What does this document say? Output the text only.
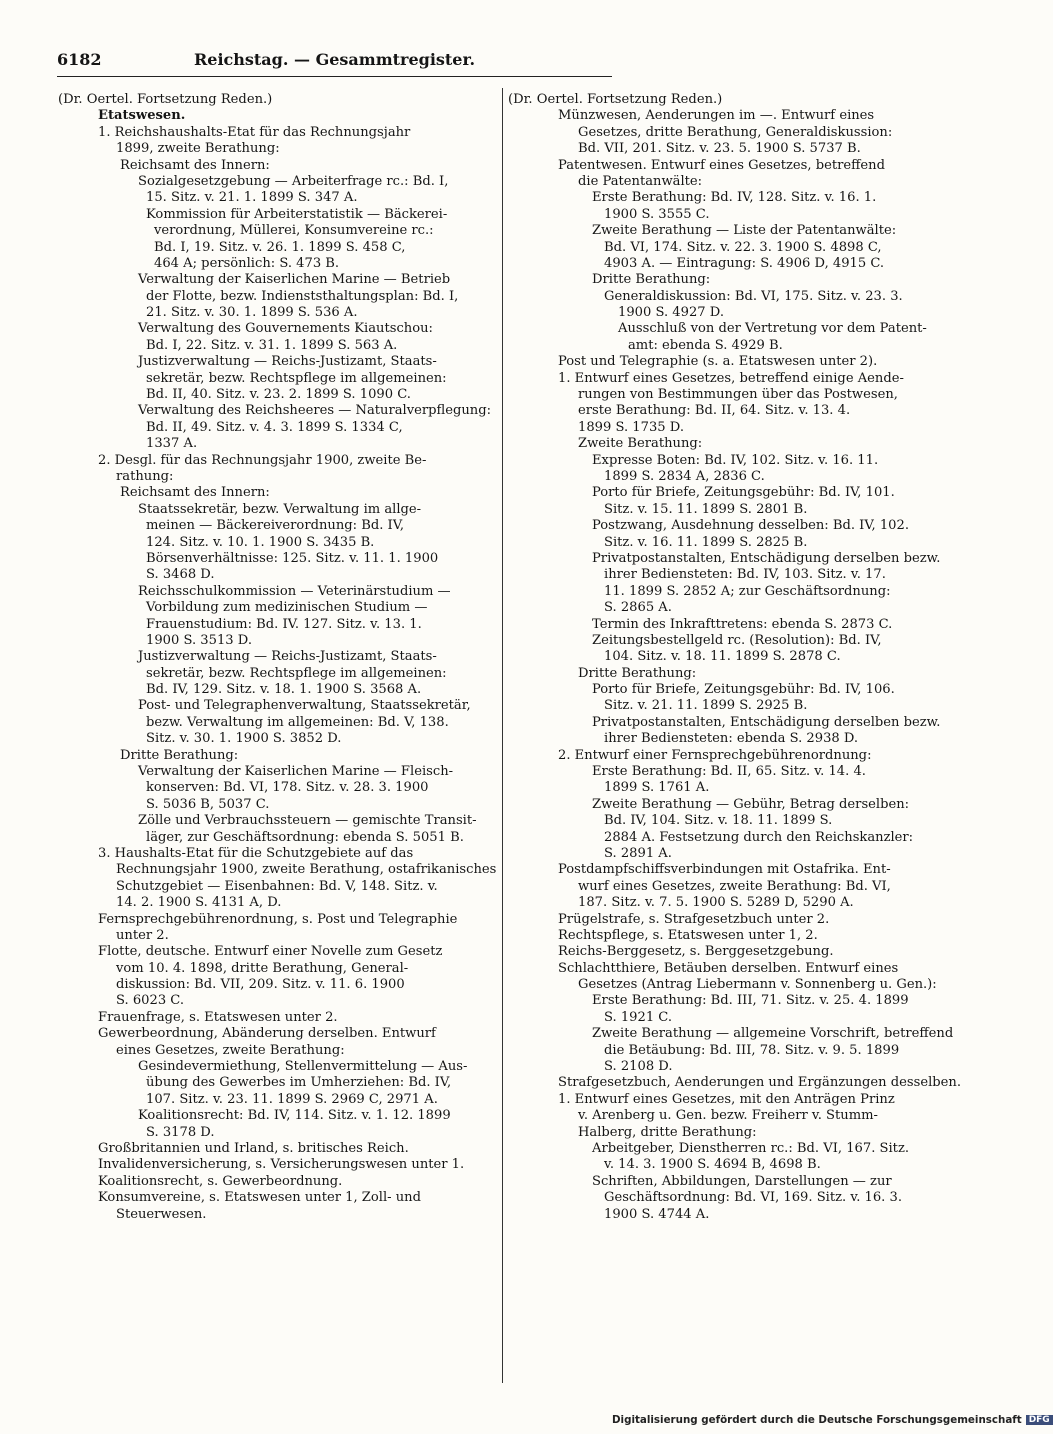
6182	Reichstag. — Gesammtregister.
(Dr. Oertel. Fortsetzung Reden.)
Etatswesen.
1. Reichshaushalts-Etat für das Rechnungsjahr
1899, zweite Berathung:
Reichsamt des Innern:
Sozialgesetzgebung — Arbeiterfrage rc.: Bd. I,
15. Sitz. v. 21. 1. 1899 S. 347 A.
Kommission für Arbeiterstatistik — Bäckerei-
verordnung, Müllerei, Konsumvereine rc.:
Bd. I, 19. Sitz. v. 26. 1. 1899 S. 458 C,
464 A; persönlich: S. 473 B.
Verwaltung der Kaiserlichen Marine — Betrieb
der Flotte, bezw. Indienststhaltungsplan: Bd. I,
21. Sitz. v. 30. 1. 1899 S. 536 A.
Verwaltung des Gouvernements Kiautschou:
Bd. I, 22. Sitz. v. 31. 1. 1899 S. 563 A.
Justizverwaltung — Reichs-Justizamt, Staats-
sekretär, bezw. Rechtspflege im allgemeinen:
Bd. II, 40. Sitz. v. 23. 2. 1899 S. 1090 C.
Verwaltung des Reichsheeres — Naturalverpflegung:
Bd. II, 49. Sitz. v. 4. 3. 1899 S. 1334 C,
1337 A.
2. Desgl. für das Rechnungsjahr 1900, zweite Be-
rathung:
Reichsamt des Innern:
Staatssekretär, bezw. Verwaltung im allge-
meinen — Bäckereiverordnung: Bd. IV,
124. Sitz. v. 10. 1. 1900 S. 3435 B.
Börsenverhältnisse: 125. Sitz. v. 11. 1. 1900
S. 3468 D.
Reichsschulkommission — Veterinärstudium —
Vorbildung zum medizinischen Studium —
Frauenstudium: Bd. IV. 127. Sitz. v. 13. 1.
1900 S. 3513 D.
Justizverwaltung — Reichs-Justizamt, Staats-
sekretär, bezw. Rechtspflege im allgemeinen:
Bd. IV, 129. Sitz. v. 18. 1. 1900 S. 3568 A.
Post- und Telegraphenverwaltung, Staatssekretär,
bezw. Verwaltung im allgemeinen: Bd. V, 138.
Sitz. v. 30. 1. 1900 S. 3852 D.
Dritte Berathung:
Verwaltung der Kaiserlichen Marine — Fleisch-
konserven: Bd. VI, 178. Sitz. v. 28. 3. 1900
S. 5036 B, 5037 C.
Zölle und Verbrauchssteuern — gemischte Transit-
läger, zur Geschäftsordnung: ebenda S. 5051 B.
3. Haushalts-Etat für die Schutzgebiete auf das
Rechnungsjahr 1900, zweite Berathung, ostafrikanisches
Schutzgebiet — Eisenbahnen: Bd. V, 148. Sitz. v.
14. 2. 1900 S. 4131 A, D.
Fernsprechgebührenordnung, s. Post und Telegraphie
unter 2.
Flotte, deutsche. Entwurf einer Novelle zum Gesetz
vom 10. 4. 1898, dritte Berathung, General-
diskussion: Bd. VII, 209. Sitz. v. 11. 6. 1900
S. 6023 C.
Frauenfrage, s. Etatswesen unter 2.
Gewerbeordnung, Abänderung derselben. Entwurf
eines Gesetzes, zweite Berathung:
Gesindevermiethung, Stellenvermittelung — Aus-
übung des Gewerbes im Umherziehen: Bd. IV,
107. Sitz. v. 23. 11. 1899 S. 2969 C, 2971 A.
Koalitionsrecht: Bd. IV, 114. Sitz. v. 1. 12. 1899
S. 3178 D.
Großbritannien und Irland, s. britisches Reich.
Invalidenversicherung, s. Versicherungswesen unter 1.
Koalitionsrecht, s. Gewerbeordnung.
Konsumvereine, s. Etatswesen unter 1, Zoll- und
Steuerwesen.
(Dr. Oertel. Fortsetzung Reden.)
Münzwesen, Aenderungen im —. Entwurf eines
Gesetzes, dritte Berathung, Generaldiskussion:
Bd. VII, 201. Sitz. v. 23. 5. 1900 S. 5737 B.
Patentwesen. Entwurf eines Gesetzes, betreffend
die Patentanwälte:
Erste Berathung: Bd. IV, 128. Sitz. v. 16. 1.
1900 S. 3555 C.
Zweite Berathung — Liste der Patentanwälte:
Bd. VI, 174. Sitz. v. 22. 3. 1900 S. 4898 C,
4903 A. — Eintragung: S. 4906 D, 4915 C.
Dritte Berathung:
Generaldiskussion: Bd. VI, 175. Sitz. v. 23. 3.
1900 S. 4927 D.
Ausschluß von der Vertretung vor dem Patent-
amt: ebenda S. 4929 B.
Post und Telegraphie (s. a. Etatswesen unter 2).
1. Entwurf eines Gesetzes, betreffend einige Aende-
rungen von Bestimmungen über das Postwesen,
erste Berathung: Bd. II, 64. Sitz. v. 13. 4.
1899 S. 1735 D.
Zweite Berathung:
Expresse Boten: Bd. IV, 102. Sitz. v. 16. 11.
1899 S. 2834 A, 2836 C.
Porto für Briefe, Zeitungsgebühr: Bd. IV, 101.
Sitz. v. 15. 11. 1899 S. 2801 B.
Postzwang, Ausdehnung desselben: Bd. IV, 102.
Sitz. v. 16. 11. 1899 S. 2825 B.
Privatpostanstalten, Entschädigung derselben bezw.
ihrer Bediensteten: Bd. IV, 103. Sitz. v. 17.
11. 1899 S. 2852 A; zur Geschäftsordnung:
S. 2865 A.
Termin des Inkrafttretens: ebenda S. 2873 C.
Zeitungsbestellgeld rc. (Resolution): Bd. IV,
104. Sitz. v. 18. 11. 1899 S. 2878 C.
Dritte Berathung:
Porto für Briefe, Zeitungsgebühr: Bd. IV, 106.
Sitz. v. 21. 11. 1899 S. 2925 B.
Privatpostanstalten, Entschädigung derselben bezw.
ihrer Bediensteten: ebenda S. 2938 D.
2. Entwurf einer Fernsprechgebührenordnung:
Erste Berathung: Bd. II, 65. Sitz. v. 14. 4.
1899 S. 1761 A.
Zweite Berathung — Gebühr, Betrag derselben:
Bd. IV, 104. Sitz. v. 18. 11. 1899 S.
2884 A. Festsetzung durch den Reichskanzler:
S. 2891 A.
Postdampfschiffsverbindungen mit Ostafrika. Ent-
wurf eines Gesetzes, zweite Berathung: Bd. VI,
187. Sitz. v. 7. 5. 1900 S. 5289 D, 5290 A.
Prügelstrafe, s. Strafgesetzbuch unter 2.
Rechtspflege, s. Etatswesen unter 1, 2.
Reichs-Berggesetz, s. Berggesetzgebung.
Schlachtthiere, Betäuben derselben. Entwurf eines
Gesetzes (Antrag Liebermann v. Sonnenberg u. Gen.):
Erste Berathung: Bd. III, 71. Sitz. v. 25. 4. 1899
S. 1921 C.
Zweite Berathung — allgemeine Vorschrift, betreffend
die Betäubung: Bd. III, 78. Sitz. v. 9. 5. 1899
S. 2108 D.
Strafgesetzbuch, Aenderungen und Ergänzungen desselben.
1. Entwurf eines Gesetzes, mit den Anträgen Prinz
v. Arenberg u. Gen. bezw. Freiherr v. Stumm-
Halberg, dritte Berathung:
Arbeitgeber, Dienstherren rc.: Bd. VI, 167. Sitz.
v. 14. 3. 1900 S. 4694 B, 4698 B.
Schriften, Abbildungen, Darstellungen — zur
Geschäftsordnung: Bd. VI, 169. Sitz. v. 16. 3.
1900 S. 4744 A.
Digitalisierung gefördert durch die Deutsche Forschungsgemeinschaft DFG
